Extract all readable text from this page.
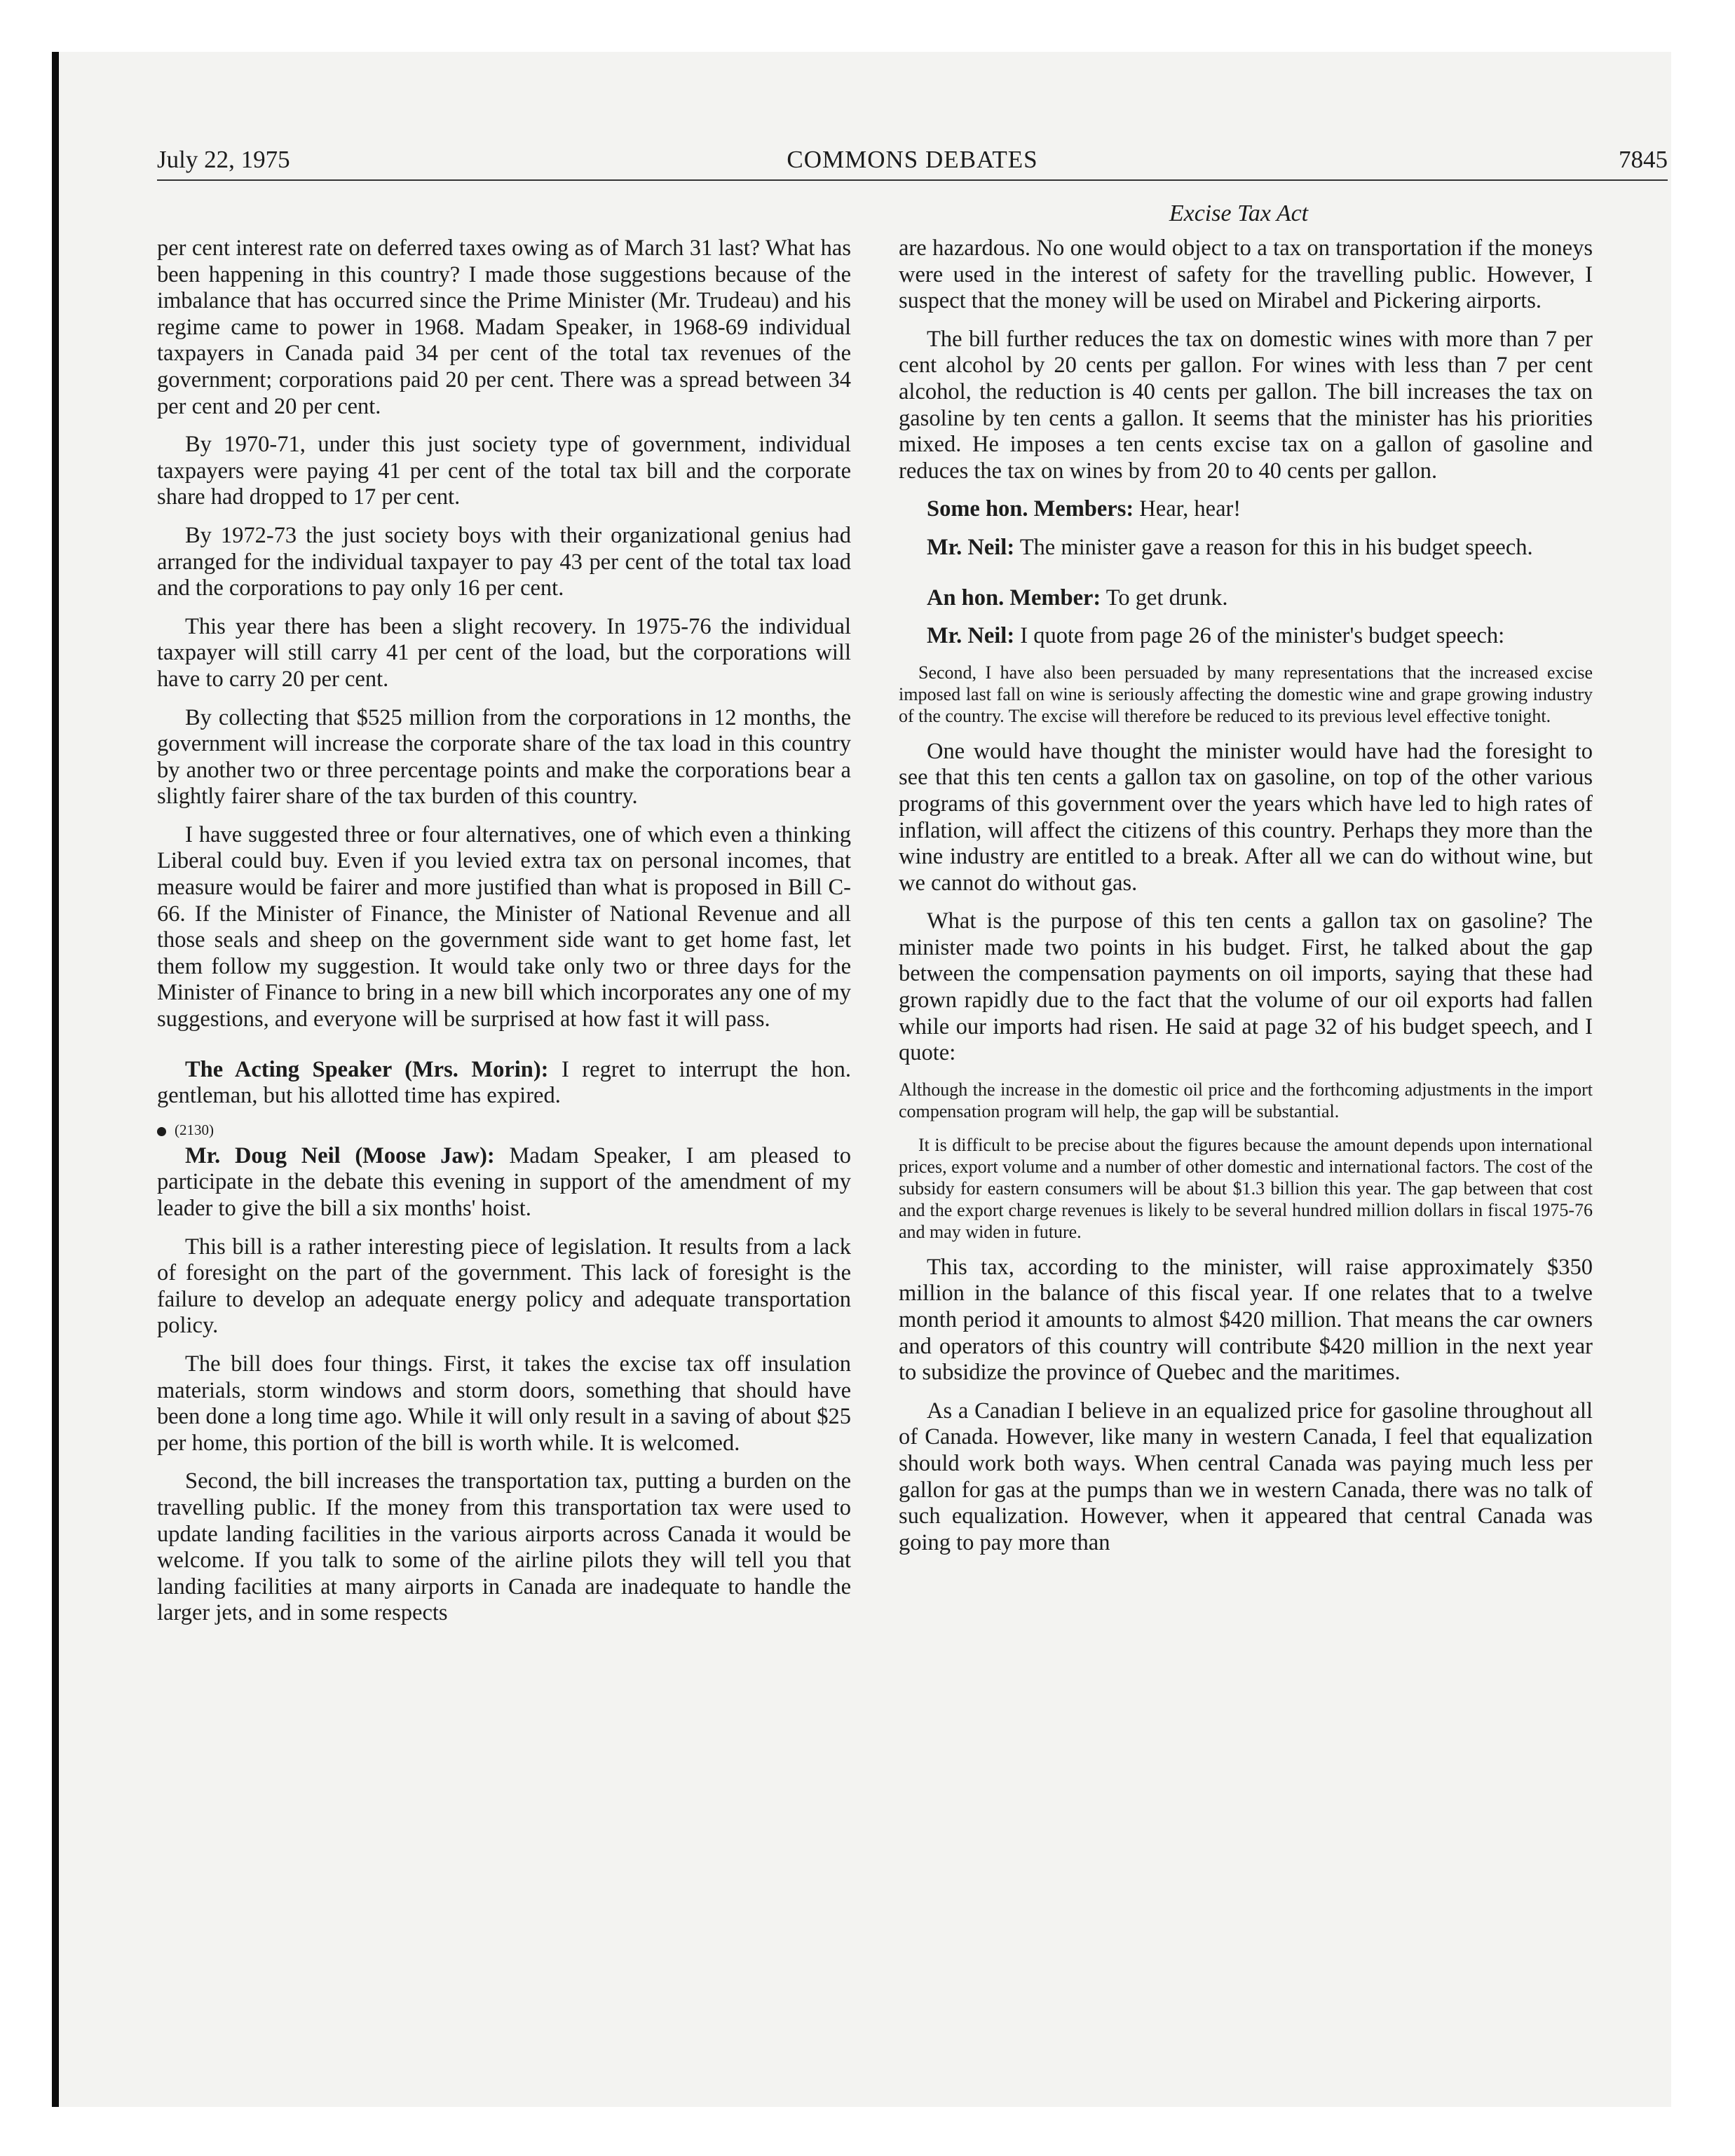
July 22, 1975	COMMONS DEBATES	7845
Excise Tax Act

per cent interest rate on deferred taxes owing as of March 31 last? What has been happening in this country? I made those suggestions because of the imbalance that has occurred since the Prime Minister (Mr. Trudeau) and his regime came to power in 1968. Madam Speaker, in 1968-69 individual taxpayers in Canada paid 34 per cent of the total tax revenues of the government; corporations paid 20 per cent. There was a spread between 34 per cent and 20 per cent.

By 1970-71, under this just society type of government, individual taxpayers were paying 41 per cent of the total tax bill and the corporate share had dropped to 17 per cent.

By 1972-73 the just society boys with their organizational genius had arranged for the individual taxpayer to pay 43 per cent of the total tax load and the corporations to pay only 16 per cent.

This year there has been a slight recovery. In 1975-76 the individual taxpayer will still carry 41 per cent of the load, but the corporations will have to carry 20 per cent.

By collecting that $525 million from the corporations in 12 months, the government will increase the corporate share of the tax load in this country by another two or three percentage points and make the corporations bear a slightly fairer share of the tax burden of this country.

I have suggested three or four alternatives, one of which even a thinking Liberal could buy. Even if you levied extra tax on personal incomes, that measure would be fairer and more justified than what is proposed in Bill C-66. If the Minister of Finance, the Minister of National Revenue and all those seals and sheep on the government side want to get home fast, let them follow my suggestion. It would take only two or three days for the Minister of Finance to bring in a new bill which incorporates any one of my suggestions, and everyone will be surprised at how fast it will pass.

The Acting Speaker (Mrs. Morin): I regret to interrupt the hon. gentleman, but his allotted time has expired.

(2130)

Mr. Doug Neil (Moose Jaw): Madam Speaker, I am pleased to participate in the debate this evening in support of the amendment of my leader to give the bill a six months' hoist.

This bill is a rather interesting piece of legislation. It results from a lack of foresight on the part of the government. This lack of foresight is the failure to develop an adequate energy policy and adequate transportation policy.

The bill does four things. First, it takes the excise tax off insulation materials, storm windows and storm doors, something that should have been done a long time ago. While it will only result in a saving of about $25 per home, this portion of the bill is worth while. It is welcomed.

Second, the bill increases the transportation tax, putting a burden on the travelling public. If the money from this transportation tax were used to update landing facilities in the various airports across Canada it would be welcome. If you talk to some of the airline pilots they will tell you that landing facilities at many airports in Canada are inadequate to handle the larger jets, and in some respects

are hazardous. No one would object to a tax on transportation if the moneys were used in the interest of safety for the travelling public. However, I suspect that the money will be used on Mirabel and Pickering airports.

The bill further reduces the tax on domestic wines with more than 7 per cent alcohol by 20 cents per gallon. For wines with less than 7 per cent alcohol, the reduction is 40 cents per gallon. The bill increases the tax on gasoline by ten cents a gallon. It seems that the minister has his priorities mixed. He imposes a ten cents excise tax on a gallon of gasoline and reduces the tax on wines by from 20 to 40 cents per gallon.

Some hon. Members: Hear, hear!

Mr. Neil: The minister gave a reason for this in his budget speech.

An hon. Member: To get drunk.

Mr. Neil: I quote from page 26 of the minister's budget speech:

Second, I have also been persuaded by many representations that the increased excise imposed last fall on wine is seriously affecting the domestic wine and grape growing industry of the country. The excise will therefore be reduced to its previous level effective tonight.

One would have thought the minister would have had the foresight to see that this ten cents a gallon tax on gasoline, on top of the other various programs of this government over the years which have led to high rates of inflation, will affect the citizens of this country. Perhaps they more than the wine industry are entitled to a break. After all we can do without wine, but we cannot do without gas.

What is the purpose of this ten cents a gallon tax on gasoline? The minister made two points in his budget. First, he talked about the gap between the compensation payments on oil imports, saying that these had grown rapidly due to the fact that the volume of our oil exports had fallen while our imports had risen. He said at page 32 of his budget speech, and I quote:

Although the increase in the domestic oil price and the forthcoming adjustments in the import compensation program will help, the gap will be substantial.

It is difficult to be precise about the figures because the amount depends upon international prices, export volume and a number of other domestic and international factors. The cost of the subsidy for eastern consumers will be about $1.3 billion this year. The gap between that cost and the export charge revenues is likely to be several hundred million dollars in fiscal 1975-76 and may widen in future.

This tax, according to the minister, will raise approximately $350 million in the balance of this fiscal year. If one relates that to a twelve month period it amounts to almost $420 million. That means the car owners and operators of this country will contribute $420 million in the next year to subsidize the province of Quebec and the maritimes.

As a Canadian I believe in an equalized price for gasoline throughout all of Canada. However, like many in western Canada, I feel that equalization should work both ways. When central Canada was paying much less per gallon for gas at the pumps than we in western Canada, there was no talk of such equalization. However, when it appeared that central Canada was going to pay more than
